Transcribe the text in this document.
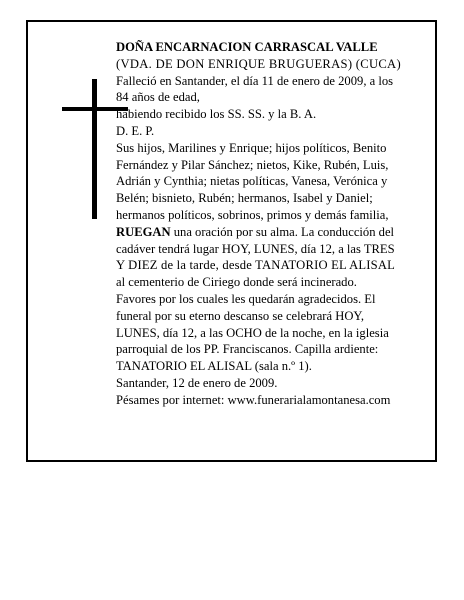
DOÑA ENCARNACION CARRASCAL VALLE
(VDA. DE DON ENRIQUE BRUGUERAS) (CUCA)
Falleció en Santander, el día 11 de enero de 2009, a los
84 años de edad,
habiendo recibido los SS. SS. y la B. A.
D. E. P.
Sus hijos, Marilines y Enrique; hijos políticos, Benito
Fernández y Pilar Sánchez; nietos, Kike, Rubén, Luis,
Adrián y Cynthia; nietas políticas, Vanesa, Verónica y
Belén; bisnieto, Rubén; hermanos, Isabel y Daniel;
hermanos políticos, sobrinos, primos y demás familia,
RUEGAN una oración por su alma. La conducción del
cadáver tendrá lugar HOY, LUNES, día 12, a las TRES
Y DIEZ de la tarde, desde TANATORIO EL ALISAL
al cementerio de Ciriego donde será incinerado.
Favores por los cuales les quedarán agradecidos. El
funeral por su eterno descanso se celebrará HOY,
LUNES, día 12, a las OCHO de la noche, en la iglesia
parroquial de los PP. Franciscanos. Capilla ardiente:
TANATORIO EL ALISAL (sala n.º 1).
Santander, 12 de enero de 2009.
Pésames por internet: www.funerarialamontanesa.com
